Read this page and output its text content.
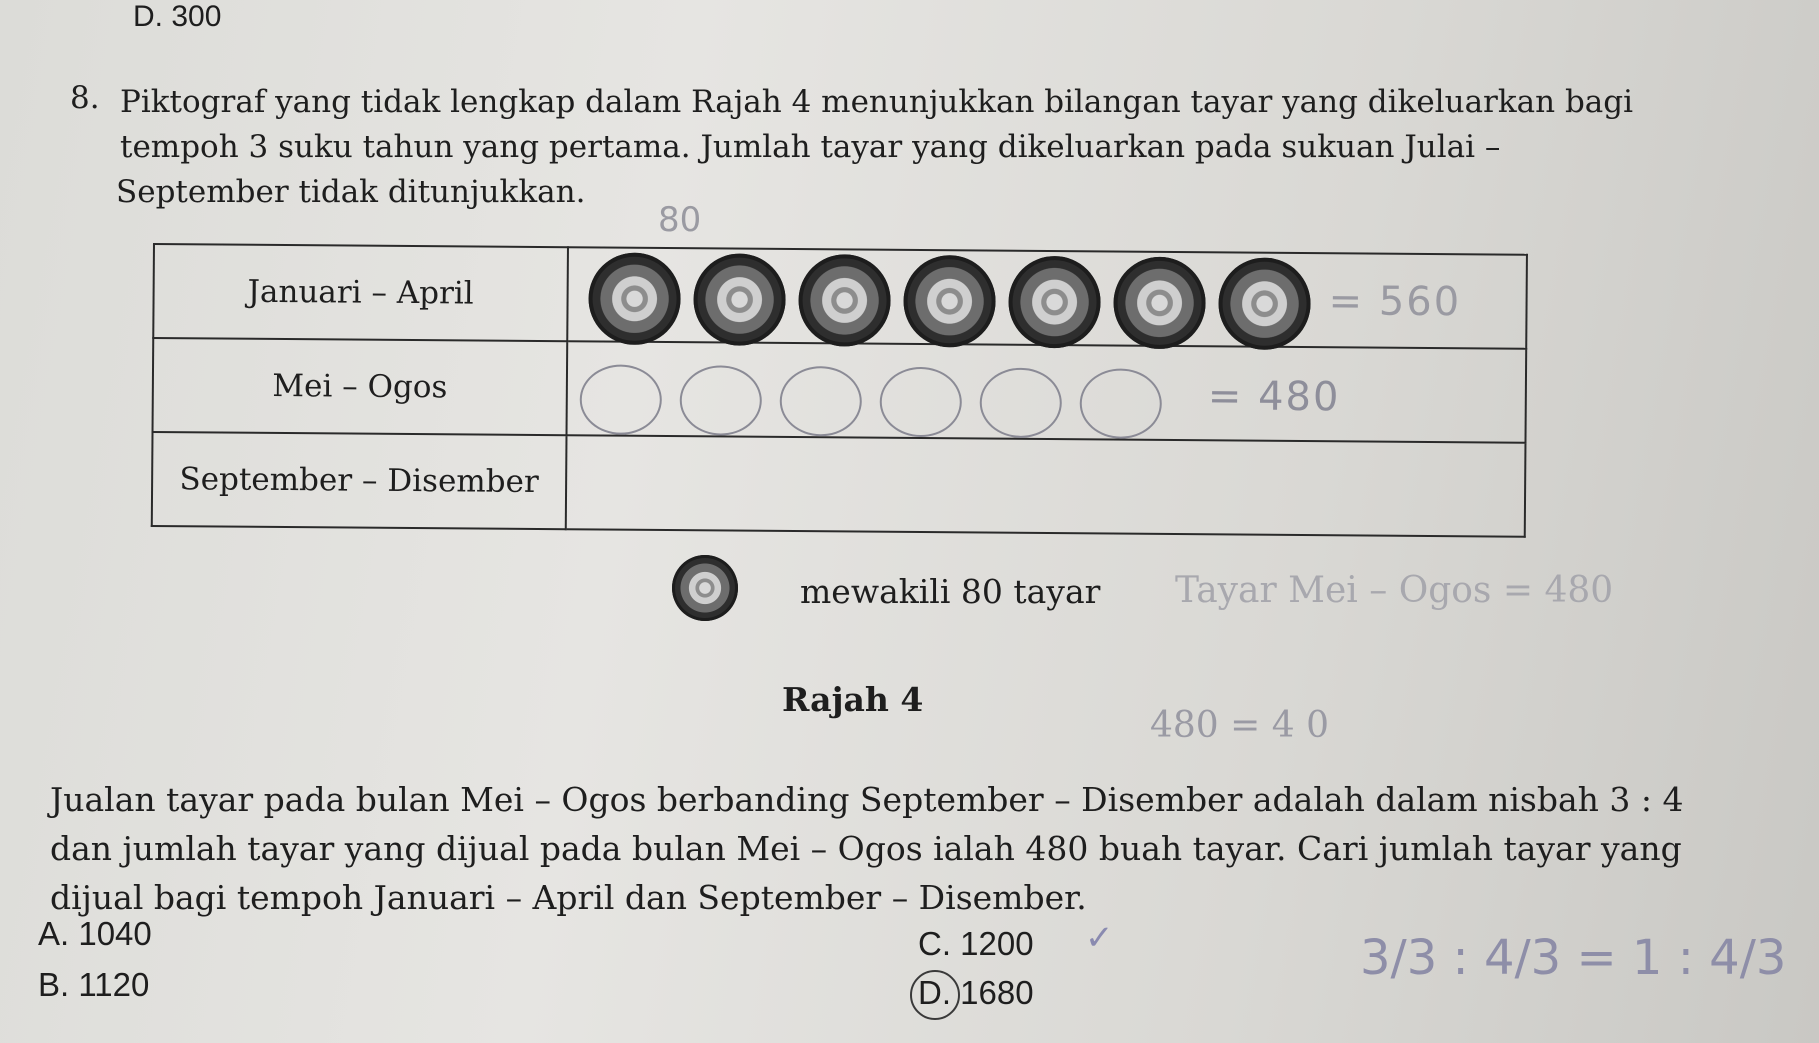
D. 300
8. Piktograf yang tidak lengkap dalam Rajah 4 menunjukkan bilangan tayar yang dikeluarkan bagi
tempoh 3 suku tahun yang pertama. Jumlah tayar yang dikeluarkan pada sukuan Julai –
September tidak ditunjukkan.
80
Januari – April	= 560

Mei – Ogos	= 480

September – Disember	
mewakili 80 tayar
Rajah 4
Tayar Mei – Ogos = 480
480 = 4 0
Jualan tayar pada bulan Mei – Ogos berbanding September – Disember adalah dalam nisbah 3 : 4
dan jumlah tayar yang dijual pada bulan Mei – Ogos ialah 480 buah tayar. Cari jumlah tayar yang
dijual bagi tempoh Januari – April dan September – Disember.
A. 1040
B. 1120
C. 1200 ✓
D. 1680
3/3 : 4/3 = 1 : 4/3
